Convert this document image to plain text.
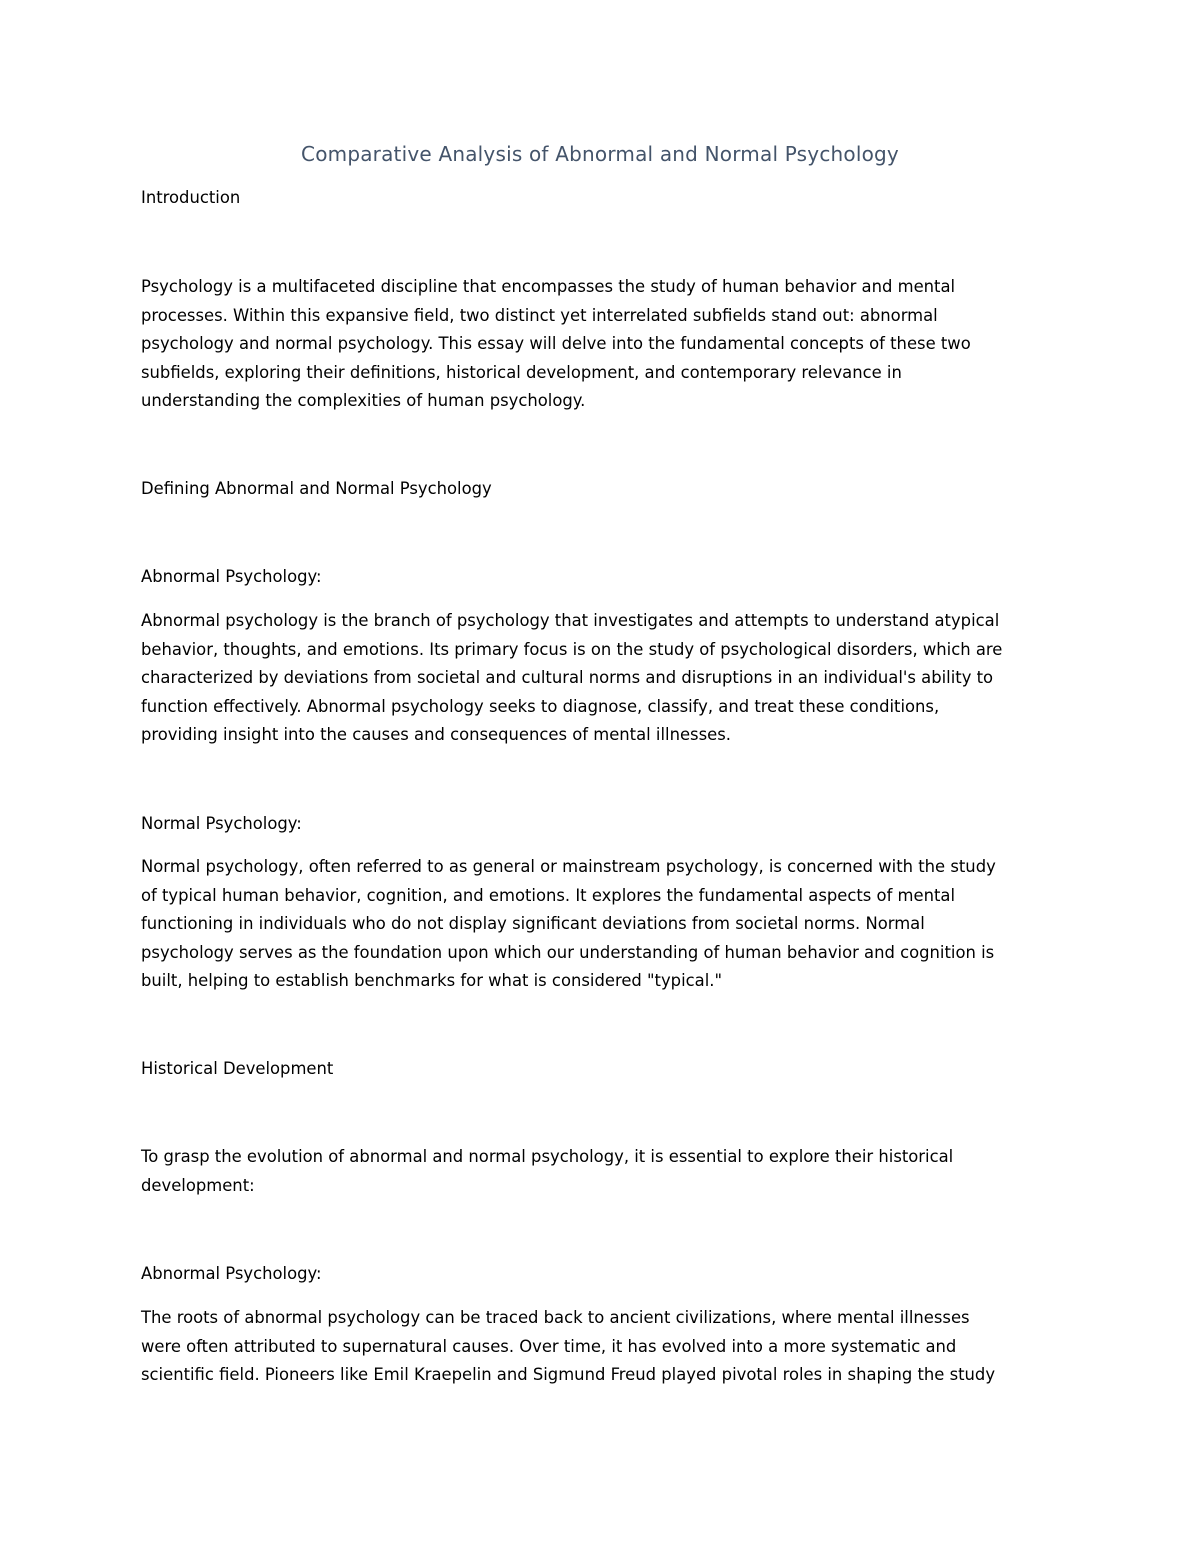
Comparative Analysis of Abnormal and Normal Psychology
Introduction
Psychology is a multifaceted discipline that encompasses the study of human behavior and mental
processes. Within this expansive field, two distinct yet interrelated subfields stand out: abnormal
psychology and normal psychology. This essay will delve into the fundamental concepts of these two
subfields, exploring their definitions, historical development, and contemporary relevance in
understanding the complexities of human psychology.
Defining Abnormal and Normal Psychology
Abnormal Psychology:
Abnormal psychology is the branch of psychology that investigates and attempts to understand atypical
behavior, thoughts, and emotions. Its primary focus is on the study of psychological disorders, which are
characterized by deviations from societal and cultural norms and disruptions in an individual's ability to
function effectively. Abnormal psychology seeks to diagnose, classify, and treat these conditions,
providing insight into the causes and consequences of mental illnesses.
Normal Psychology:
Normal psychology, often referred to as general or mainstream psychology, is concerned with the study
of typical human behavior, cognition, and emotions. It explores the fundamental aspects of mental
functioning in individuals who do not display significant deviations from societal norms. Normal
psychology serves as the foundation upon which our understanding of human behavior and cognition is
built, helping to establish benchmarks for what is considered "typical."
Historical Development
To grasp the evolution of abnormal and normal psychology, it is essential to explore their historical
development:
Abnormal Psychology:
The roots of abnormal psychology can be traced back to ancient civilizations, where mental illnesses
were often attributed to supernatural causes. Over time, it has evolved into a more systematic and
scientific field. Pioneers like Emil Kraepelin and Sigmund Freud played pivotal roles in shaping the study
